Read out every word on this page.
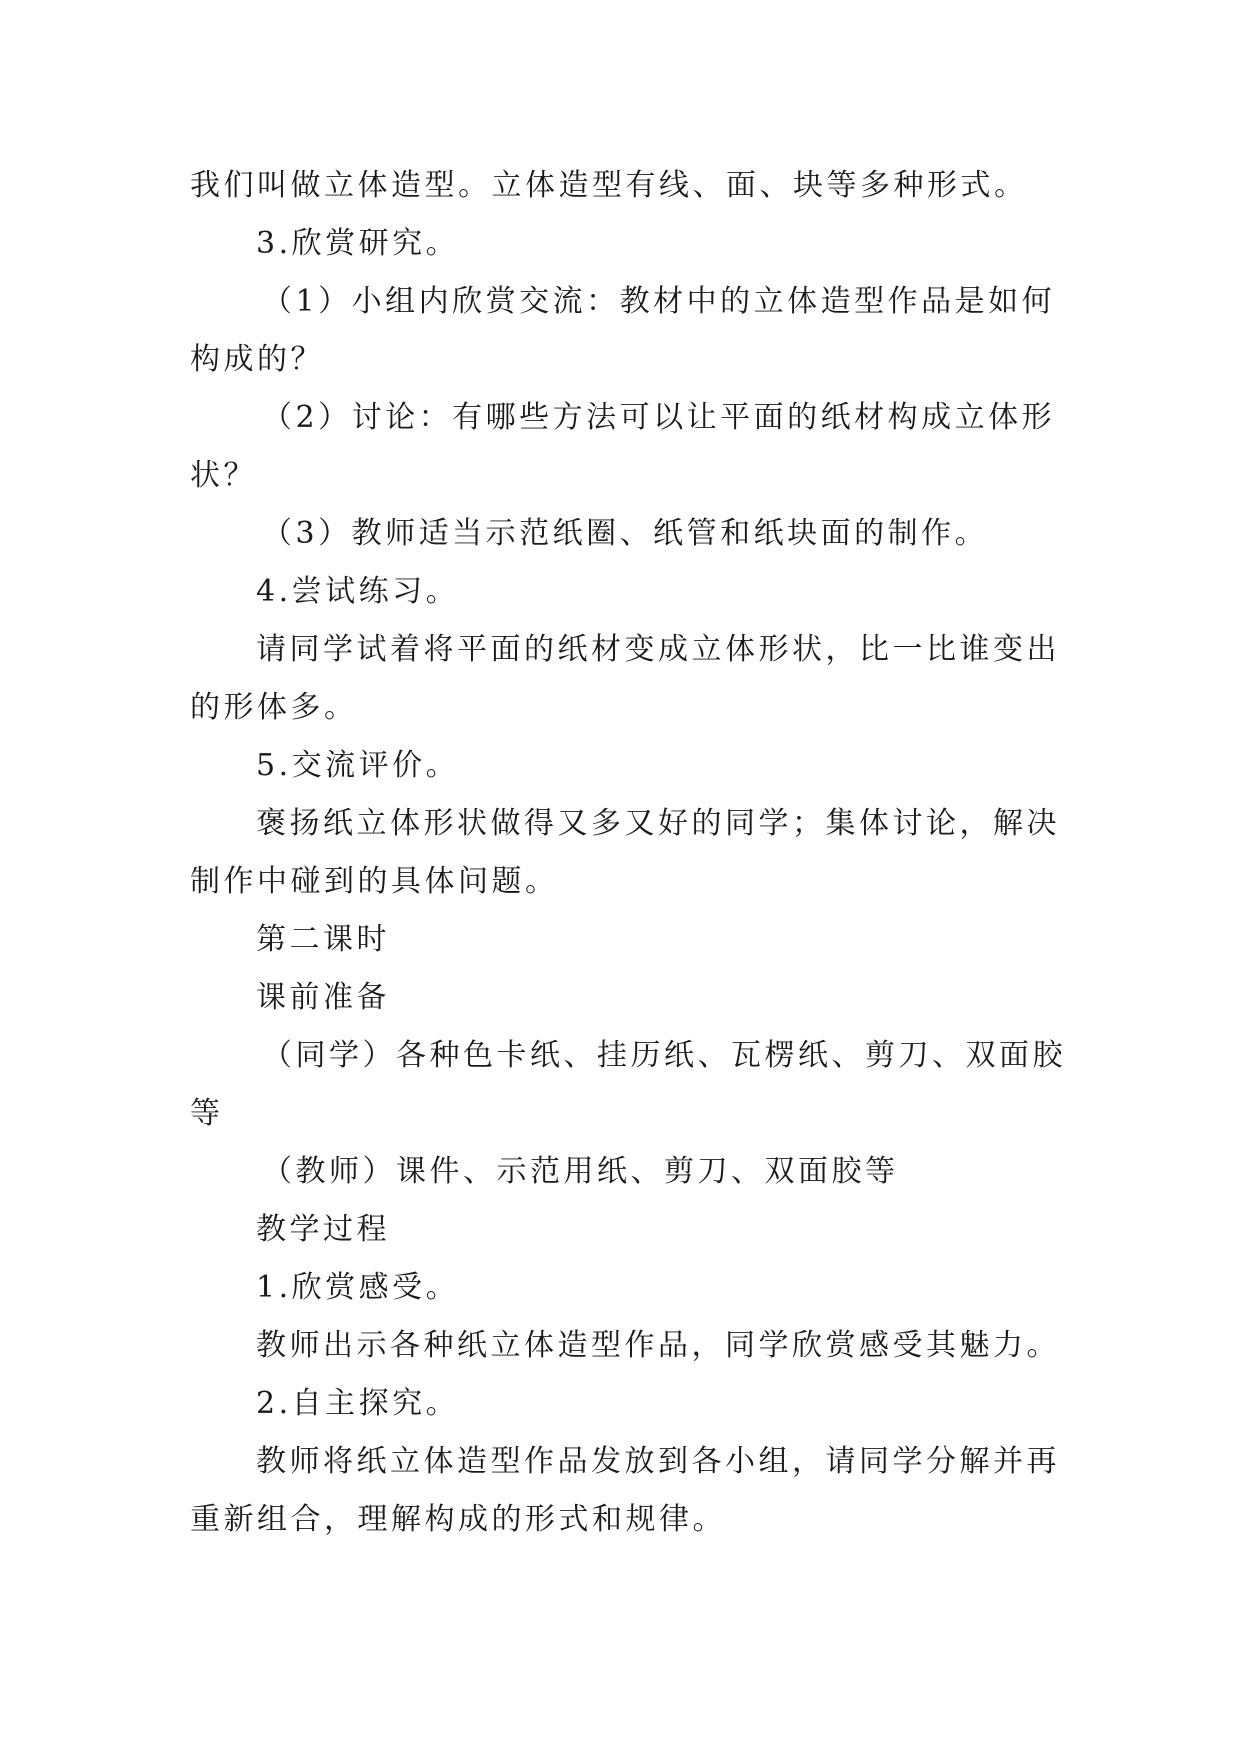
我们叫做立体造型。立体造型有线、面、块等多种形式。
3.欣赏研究。
（1）小组内欣赏交流：教材中的立体造型作品是如何
构成的？
（2）讨论：有哪些方法可以让平面的纸材构成立体形
状？
（3）教师适当示范纸圈、纸管和纸块面的制作。
4.尝试练习。
请同学试着将平面的纸材变成立体形状，比一比谁变出
的形体多。
5.交流评价。
褒扬纸立体形状做得又多又好的同学；集体讨论，解决
制作中碰到的具体问题。
第二课时
课前准备
（同学）各种色卡纸、挂历纸、瓦楞纸、剪刀、双面胶
等
（教师）课件、示范用纸、剪刀、双面胶等
教学过程
1.欣赏感受。
教师出示各种纸立体造型作品，同学欣赏感受其魅力。
2.自主探究。
教师将纸立体造型作品发放到各小组，请同学分解并再
重新组合，理解构成的形式和规律。
